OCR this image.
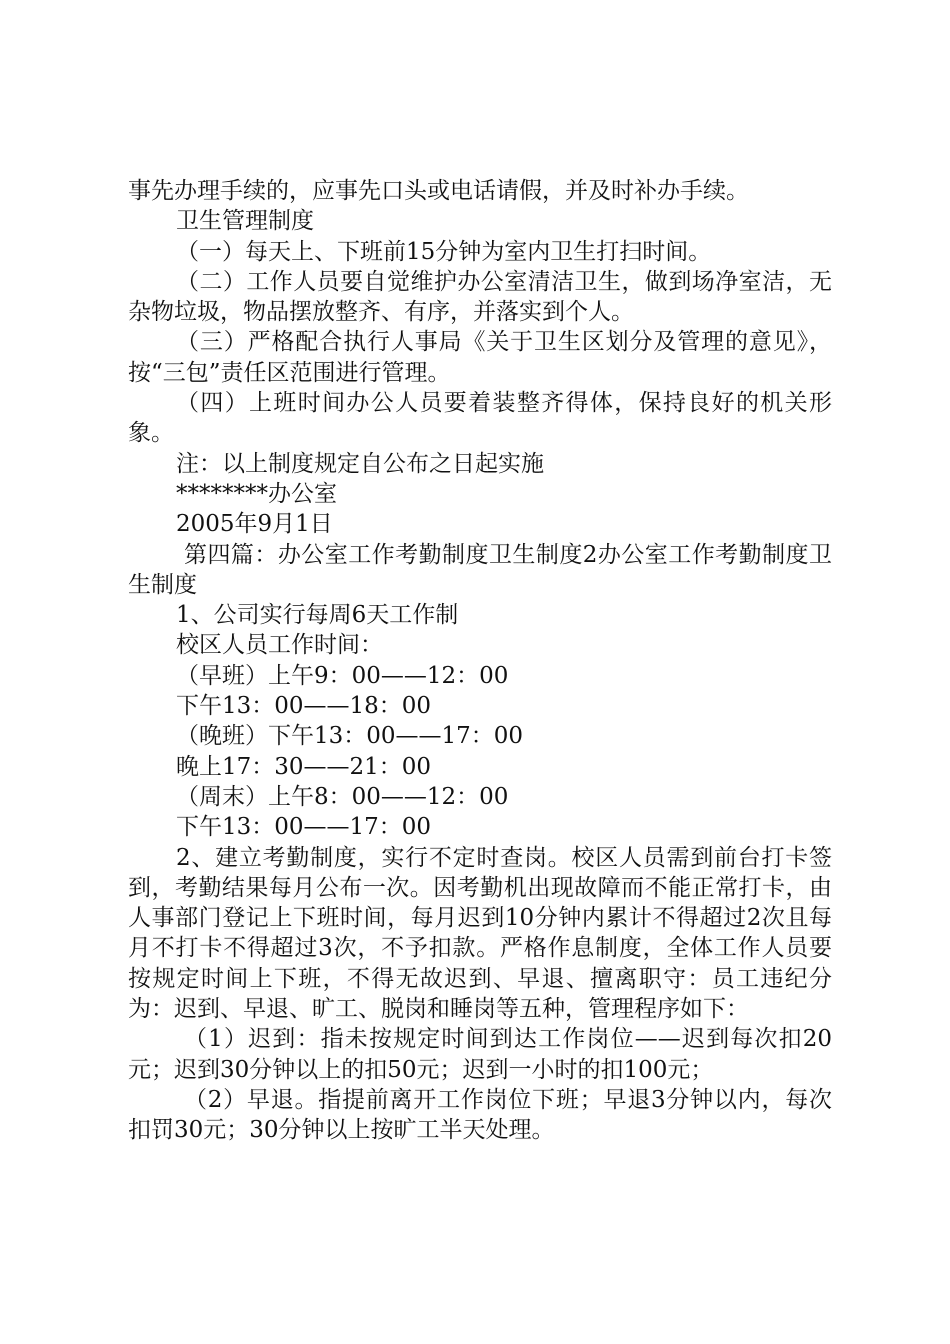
事先办理手续的，应事先口头或电话请假，并及时补办手续。

卫生管理制度

（一）每天上、下班前15分钟为室内卫生打扫时间。

（二）工作人员要自觉维护办公室清洁卫生，做到场净室洁，无杂物垃圾，物品摆放整齐、有序，并落实到个人。

（三）严格配合执行人事局《关于卫生区划分及管理的意见》，按“三包”责任区范围进行管理。

（四）上班时间办公人员要着装整齐得体，保持良好的机关形象。

注：以上制度规定自公布之日起实施

********办公室

2005年9月1日

第四篇：办公室工作考勤制度卫生制度2办公室工作考勤制度卫生制度

1、公司实行每周6天工作制

校区人员工作时间：

（早班）上午9：00——12：00

下午13：00——18：00

（晚班）下午13：00——17：00

晚上17：30——21：00

（周末）上午8：00——12：00

下午13：00——17：00

2、建立考勤制度，实行不定时查岗。校区人员需到前台打卡签到，考勤结果每月公布一次。因考勤机出现故障而不能正常打卡，由人事部门登记上下班时间，每月迟到10分钟内累计不得超过2次且每月不打卡不得超过3次，不予扣款。严格作息制度，全体工作人员要按规定时间上下班，不得无故迟到、早退、擅离职守：员工违纪分为：迟到、早退、旷工、脱岗和睡岗等五种，管理程序如下：

（1）迟到：指未按规定时间到达工作岗位——迟到每次扣20元；迟到30分钟以上的扣50元；迟到一小时的扣100元；

（2）早退。指提前离开工作岗位下班；早退3分钟以内，每次扣罚30元；30分钟以上按旷工半天处理。
